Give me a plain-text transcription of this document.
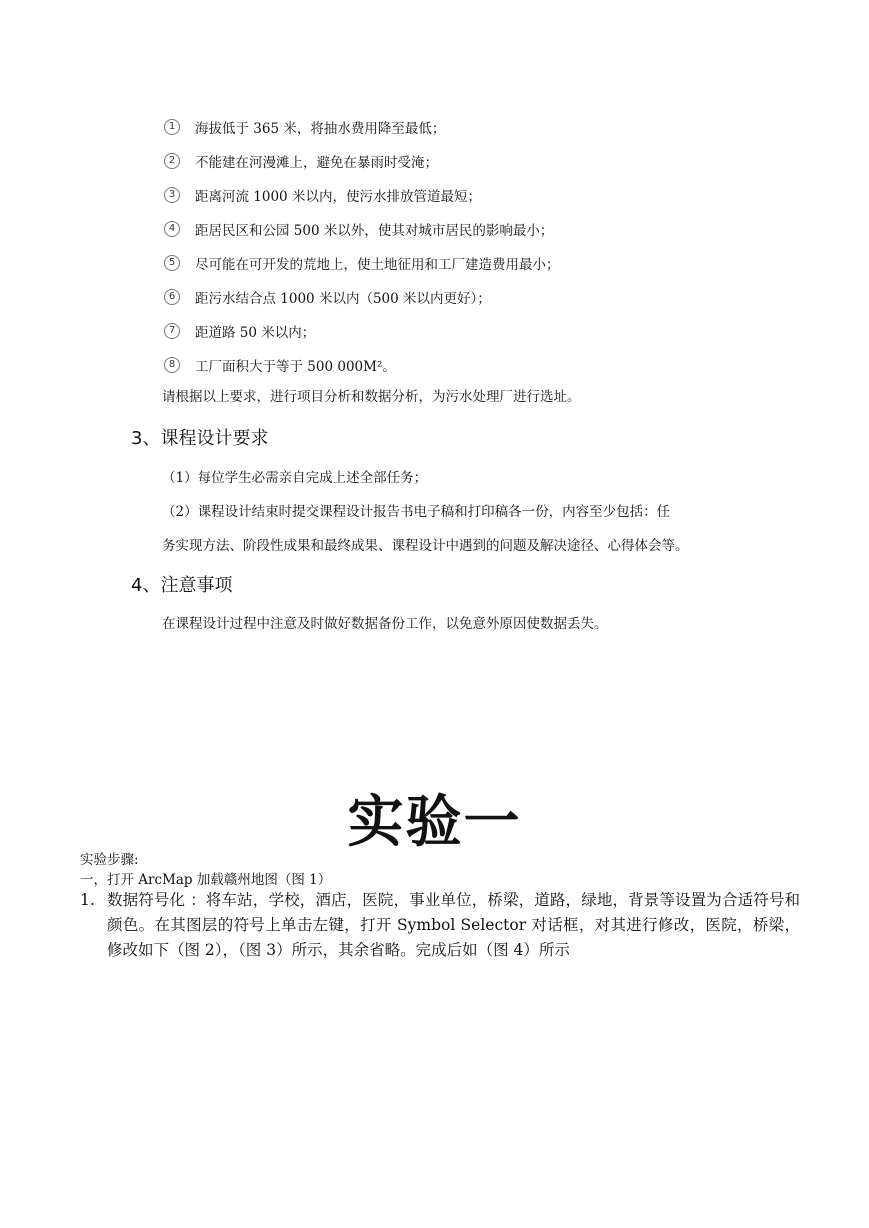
1	海拔低于 365 米，将抽水费用降至最低；
2	不能建在河漫滩上，避免在暴雨时受淹；
3	距离河流 1000 米以内，使污水排放管道最短；
4	距居民区和公园 500 米以外，使其对城市居民的影响最小；
5	尽可能在可开发的荒地上，使土地征用和工厂建造费用最小；
6	距污水结合点 1000 米以内（500 米以内更好）；
7	距道路 50 米以内；
8	工厂面积大于等于 500 000M²。
请根据以上要求，进行项目分析和数据分析，为污水处理厂进行选址。
3、课程设计要求
（1）每位学生必需亲自完成上述全部任务；
（2）课程设计结束时提交课程设计报告书电子稿和打印稿各一份，内容至少包括：任
务实现方法、阶段性成果和最终成果、课程设计中遇到的问题及解决途径、心得体会等。
4、注意事项
在课程设计过程中注意及时做好数据备份工作，以免意外原因使数据丢失。
实验一
实验步骤:
一，打开 ArcMap 加载赣州地图（图 1）
1. 数据符号化 ：将车站，学校，酒店，医院，事业单位，桥梁，道路，绿地，背景等设置为合适符号和颜色。在其图层的符号上单击左键，打开 Symbol Selector 对话框，对其进行修改，医院，桥梁，修改如下（图 2），（图 3）所示，其余省略。完成后如（图 4）所示
